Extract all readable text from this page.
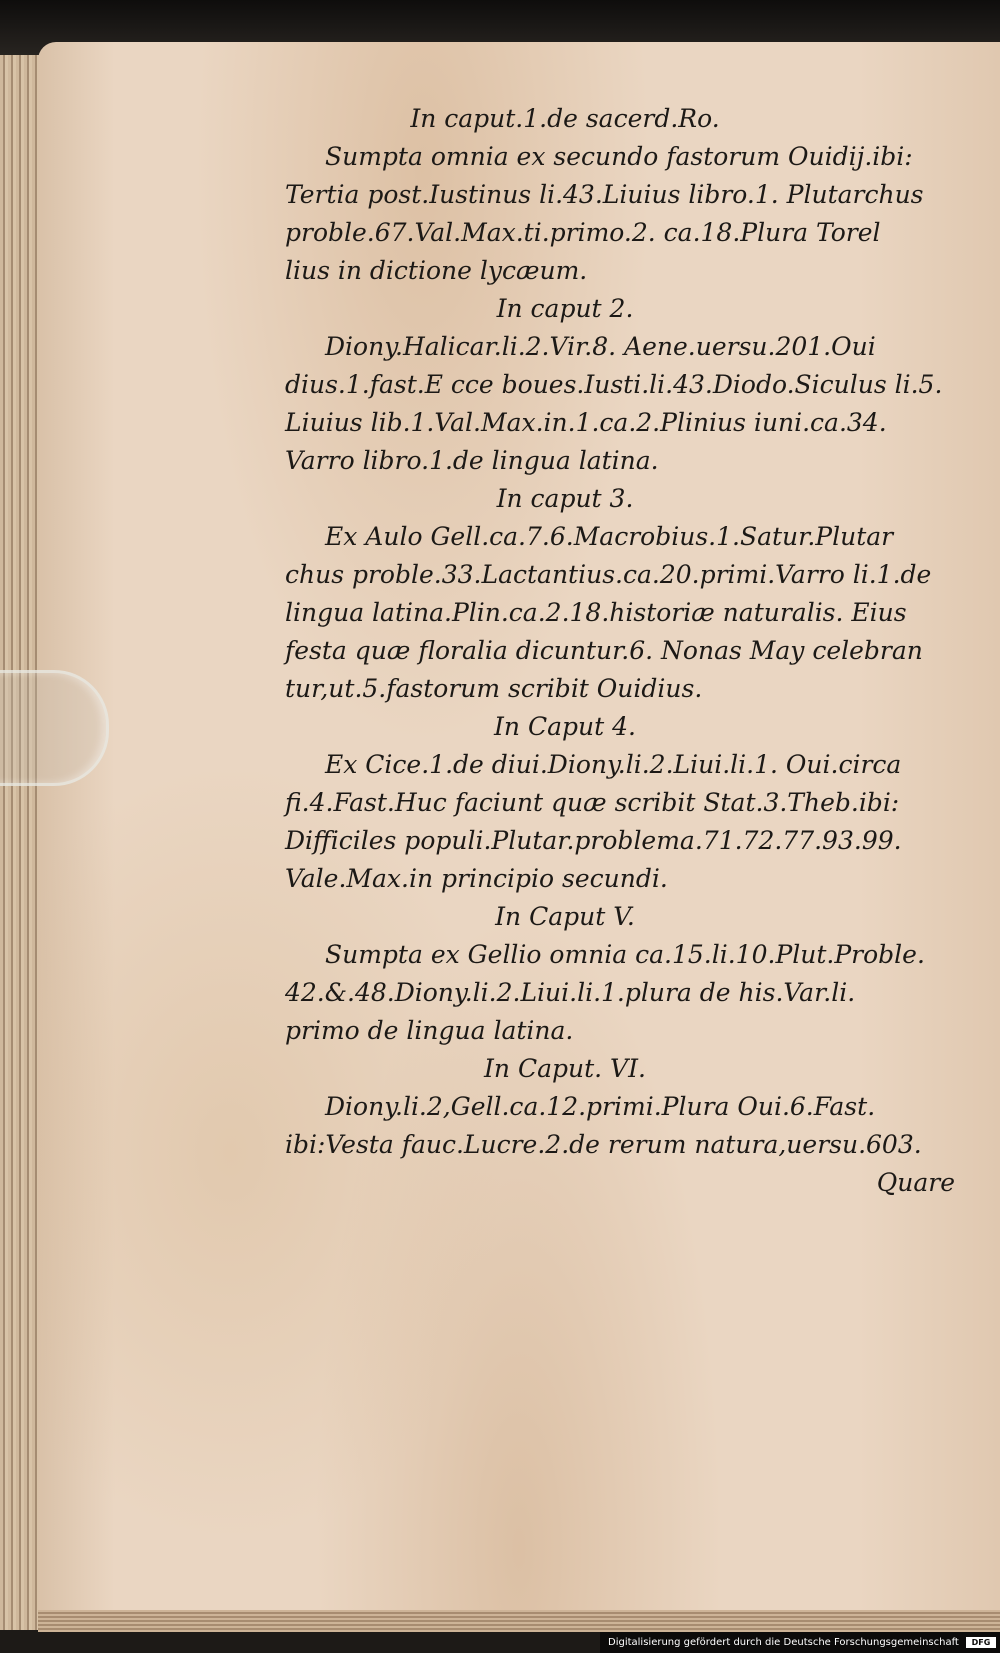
In caput.1.de sacerd.Ro.
Sumpta omnia ex secundo fastorum Ouidij.ibi:
Tertia post.Iustinus li.43.Liuius libro.1. Plutarchus
proble.67.Val.Max.ti.primo.2. ca.18.Plura Torel
lius in dictione lycæum.
In caput 2.
Diony.Halicar.li.2.Vir.8. Aene.uersu.201.Oui
dius.1.fast.E cce boues.Iusti.li.43.Diodo.Siculus li.5.
Liuius lib.1.Val.Max.in.1.ca.2.Plinius iuni.ca.34.
Varro libro.1.de lingua latina.
In caput 3.
Ex Aulo Gell.ca.7.6.Macrobius.1.Satur.Plutar
chus proble.33.Lactantius.ca.20.primi.Varro li.1.de
lingua latina.Plin.ca.2.18.historiæ naturalis. Eius
festa quæ floralia dicuntur.6. Nonas May celebran
tur,ut.5.fastorum scribit Ouidius.
In Caput 4.
Ex Cice.1.de diui.Diony.li.2.Liui.li.1. Oui.circa
fi.4.Fast.Huc faciunt quæ scribit Stat.3.Theb.ibi:
Difficiles populi.Plutar.problema.71.72.77.93.99.
Vale.Max.in principio secundi.
In Caput V.
Sumpta ex Gellio omnia ca.15.li.10.Plut.Proble.
42.&.48.Diony.li.2.Liui.li.1.plura de his.Var.li.
primo de lingua latina.
In Caput. VI.
Diony.li.2,Gell.ca.12.primi.Plura Oui.6.Fast.
ibi:Vesta fauc.Lucre.2.de rerum natura,uersu.603.
Quare
Digitalisierung gefördert durch die Deutsche Forschungsgemeinschaft	DFG
